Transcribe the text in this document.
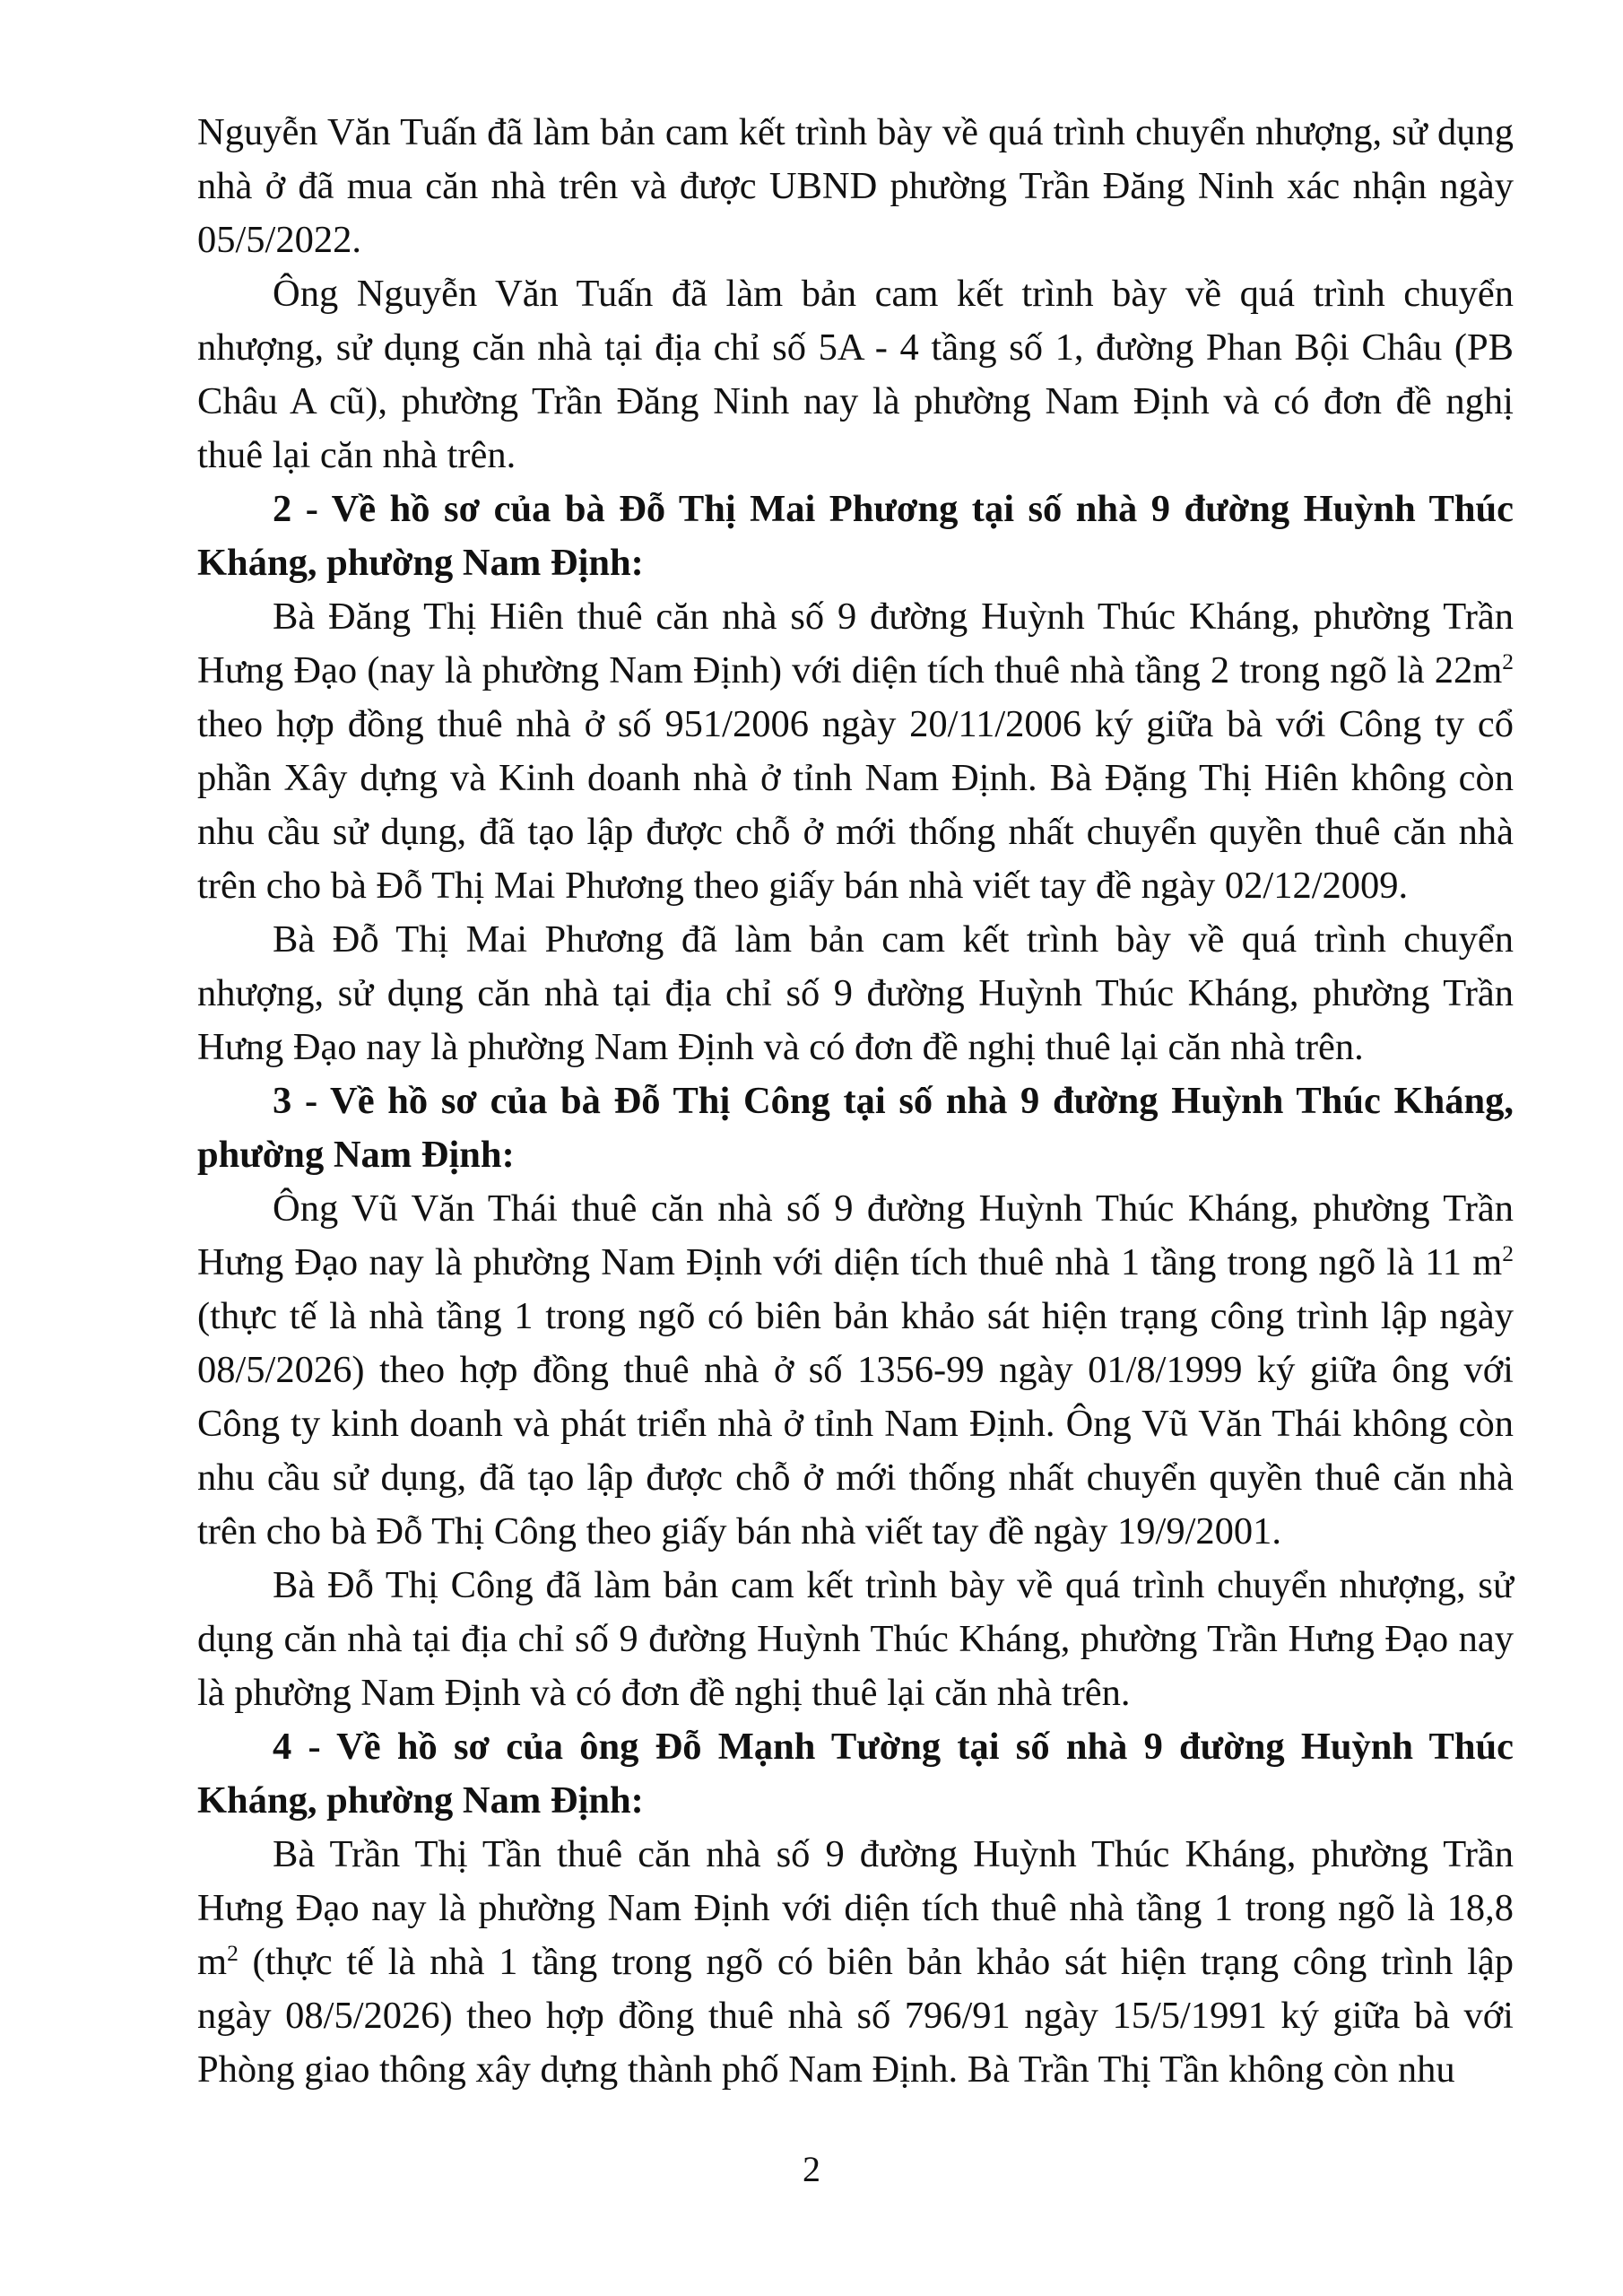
Nguyễn Văn Tuấn đã làm bản cam kết trình bày về quá trình chuyển nhượng, sử dụng nhà ở đã mua căn nhà trên và được UBND phường Trần Đăng Ninh xác nhận ngày 05/5/2022.

Ông Nguyễn Văn Tuấn đã làm bản cam kết trình bày về quá trình chuyển nhượng, sử dụng căn nhà tại địa chỉ số 5A - 4 tầng số 1, đường Phan Bội Châu (PB Châu A cũ), phường Trần Đăng Ninh nay là phường Nam Định và có đơn đề nghị thuê lại căn nhà trên.

2 - Về hồ sơ của bà Đỗ Thị Mai Phương tại số nhà 9 đường Huỳnh Thúc Kháng, phường Nam Định:

Bà Đăng Thị Hiên thuê căn nhà số 9 đường Huỳnh Thúc Kháng, phường Trần Hưng Đạo (nay là phường Nam Định) với diện tích thuê nhà tầng 2 trong ngõ là $22m^2$ theo hợp đồng thuê nhà ở số 951/2006 ngày 20/11/2006 ký giữa bà với Công ty cổ phần Xây dựng và Kinh doanh nhà ở tỉnh Nam Định. Bà Đặng Thị Hiên không còn nhu cầu sử dụng, đã tạo lập được chỗ ở mới thống nhất chuyển quyền thuê căn nhà trên cho bà Đỗ Thị Mai Phương theo giấy bán nhà viết tay đề ngày 02/12/2009.

Bà Đỗ Thị Mai Phương đã làm bản cam kết trình bày về quá trình chuyển nhượng, sử dụng căn nhà tại địa chỉ số 9 đường Huỳnh Thúc Kháng, phường Trần Hưng Đạo nay là phường Nam Định và có đơn đề nghị thuê lại căn nhà trên.

3 - Về hồ sơ của bà Đỗ Thị Công tại số nhà 9 đường Huỳnh Thúc Kháng, phường Nam Định:

Ông Vũ Văn Thái thuê căn nhà số 9 đường Huỳnh Thúc Kháng, phường Trần Hưng Đạo nay là phường Nam Định với diện tích thuê nhà 1 tầng trong ngõ là 11 $m^2$ (thực tế là nhà tầng 1 trong ngõ có biên bản khảo sát hiện trạng công trình lập ngày 08/5/2026) theo hợp đồng thuê nhà ở số 1356-99 ngày 01/8/1999 ký giữa ông với Công ty kinh doanh và phát triển nhà ở tỉnh Nam Định. Ông Vũ Văn Thái không còn nhu cầu sử dụng, đã tạo lập được chỗ ở mới thống nhất chuyển quyền thuê căn nhà trên cho bà Đỗ Thị Công theo giấy bán nhà viết tay đề ngày 19/9/2001.

Bà Đỗ Thị Công đã làm bản cam kết trình bày về quá trình chuyển nhượng, sử dụng căn nhà tại địa chỉ số 9 đường Huỳnh Thúc Kháng, phường Trần Hưng Đạo nay là phường Nam Định và có đơn đề nghị thuê lại căn nhà trên.

4 - Về hồ sơ của ông Đỗ Mạnh Tường tại số nhà 9 đường Huỳnh Thúc Kháng, phường Nam Định:

Bà Trần Thị Tần thuê căn nhà số 9 đường Huỳnh Thúc Kháng, phường Trần Hưng Đạo nay là phường Nam Định với diện tích thuê nhà tầng 1 trong ngõ là 18,8 $m^2$ (thực tế là nhà 1 tầng trong ngõ có biên bản khảo sát hiện trạng công trình lập ngày 08/5/2026) theo hợp đồng thuê nhà số 796/91 ngày 15/5/1991 ký giữa bà với Phòng giao thông xây dựng thành phố Nam Định. Bà Trần Thị Tần không còn nhu

2
